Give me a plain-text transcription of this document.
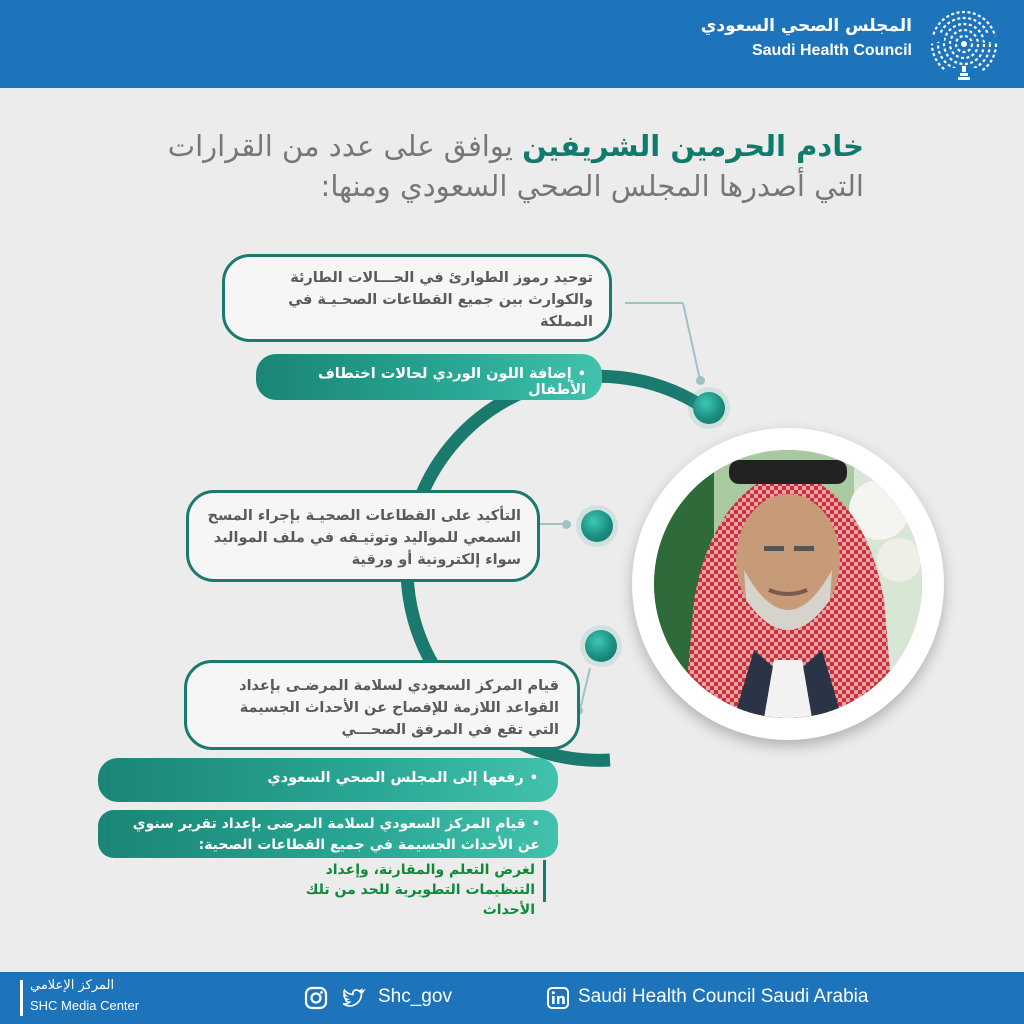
المجلس الصحي السعودي
Saudi Health Council
خادم الحرمين الشريفين يوافق على عدد من القرارات
التي أصدرها المجلس الصحي السعودي ومنها:
توحيد رموز الطوارئ في الحـــالات الطارئة والكوارث بين جميع القطاعات الصحـيـة في المملكة
•إضافة اللون الوردي لحالات اختطاف الأطفال
التأكيد على القطاعات الصحيـة بإجراء المسح السمعي للمواليد وتوثيـقه في ملف المواليد سواء إلكترونية أو ورقية
قيام المركز السعودي لسلامة المرضـى بإعداد القواعد اللازمة للإفصاح عن الأحداث الجسيمة التي تقع في المرفق الصحـــي
•رفعها إلى المجلس الصحي السعودي
•قيام المركز السعودي لسلامة المرضى بإعداد تقرير سنوي عن الأحداث الجسيمة في جميع القطاعات الصحية:
لغرض التعلم والمقارنة، وإعداد التنظيمات التطويرية للحد من تلك الأحداث
المركز الإعلامي
SHC Media Center	Shc_gov	Saudi Health Council Saudi Arabia
